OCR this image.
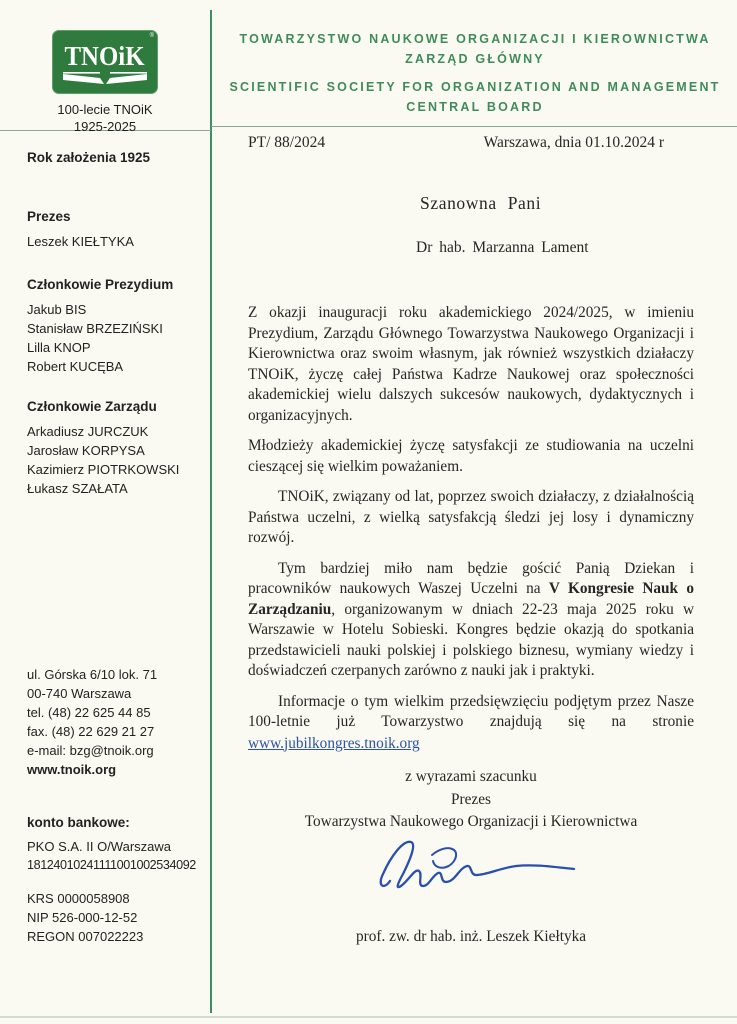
®
TNOiK
100-lecie TNOiK
1925-2025
TOWARZYSTWO NAUKOWE ORGANIZACJI I KIEROWNICTWA
ZARZĄD GŁÓWNY
SCIENTIFIC SOCIETY FOR ORGANIZATION AND MANAGEMENT
CENTRAL BOARD
Rok założenia 1925
Prezes
Leszek KIEŁTYKA
Członkowie Prezydium
Jakub BIS
Stanisław BRZEZIŃSKI
Lilla KNOP
Robert KUCĘBA
Członkowie Zarządu
Arkadiusz JURCZUK
Jarosław KORPYSA
Kazimierz PIOTRKOWSKI
Łukasz SZAŁATA
ul. Górska 6/10 lok. 71
00-740 Warszawa
tel. (48) 22 625 44 85
fax. (48) 22 629 21 27
e-mail: bzg@tnoik.org
www.tnoik.org
konto bankowe:
PKO S.A. II O/Warszawa
18124010241111001002534092
KRS 0000058908
NIP 526-000-12-52
REGON 007022223
PT/ 88/2024	Warszawa, dnia 01.10.2024 r
Szanowna Pani
Dr hab. Marzanna Lament

Z okazji inauguracji roku akademickiego 2024/2025, w imieniu Prezydium, Zarządu Głównego Towarzystwa Naukowego Organizacji i Kierownictwa oraz swoim własnym, jak również wszystkich działaczy TNOiK, życzę całej Państwa Kadrze Naukowej oraz społeczności akademickiej wielu dalszych sukcesów naukowych, dydaktycznych i organizacyjnych.

Młodzieży akademickiej życzę satysfakcji ze studiowania na uczelni cieszącej się wielkim poważaniem.

TNOiK, związany od lat, poprzez swoich działaczy, z działalnością Państwa uczelni, z wielką satysfakcją śledzi jej losy i dynamiczny rozwój.

Tym bardziej miło nam będzie gościć Panią Dziekan i pracowników naukowych Waszej Uczelni na V Kongresie Nauk o Zarządzaniu, organizowanym w dniach 22-23 maja 2025 roku w Warszawie w Hotelu Sobieski. Kongres będzie okazją do spotkania przedstawicieli nauki polskiej i polskiego biznesu, wymiany wiedzy i doświadczeń czerpanych zarówno z nauki jak i praktyki.

Informacje o tym wielkim przedsięwzięciu podjętym przez Nasze 100-letnie już Towarzystwo znajdują się na stronie

www.jubilkongres.tnoik.org
z wyrazami szacunku
Prezes
Towarzystwa Naukowego Organizacji i Kierownictwa
prof. zw. dr hab. inż. Leszek Kiełtyka
